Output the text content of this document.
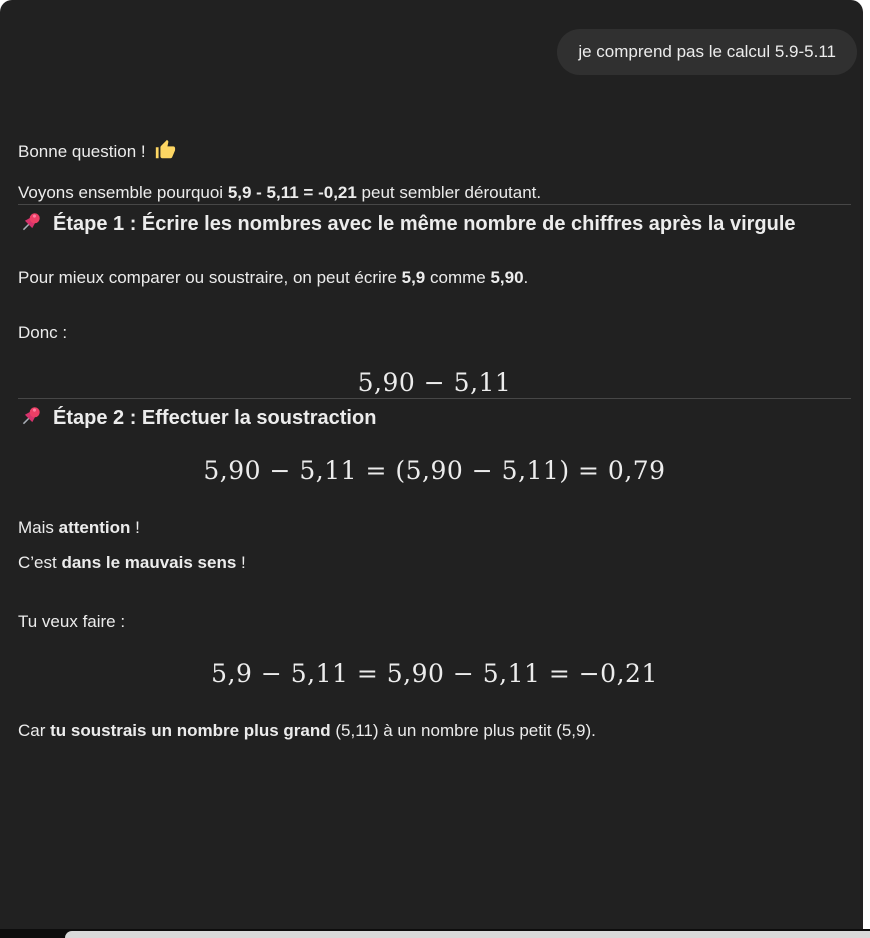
je comprend pas le calcul 5.9-5.11

Bonne question !

Voyons ensemble pourquoi 5,9 - 5,11 = -0,21 peut sembler déroutant.

Étape 1 : Écrire les nombres avec le même nombre de chiffres après la virgule

Pour mieux comparer ou soustraire, on peut écrire 5,9 comme 5,90.

Donc :

5,90 − 5,11
Étape 2 : Effectuer la soustraction
5,90 − 5,11 = (5,90 − 5,11) = 0,79

Mais attention !

C’est dans le mauvais sens !

Tu veux faire :

5,9 − 5,11 = 5,90 − 5,11 = −0,21

Car tu soustrais un nombre plus grand (5,11) à un nombre plus petit (5,9).
